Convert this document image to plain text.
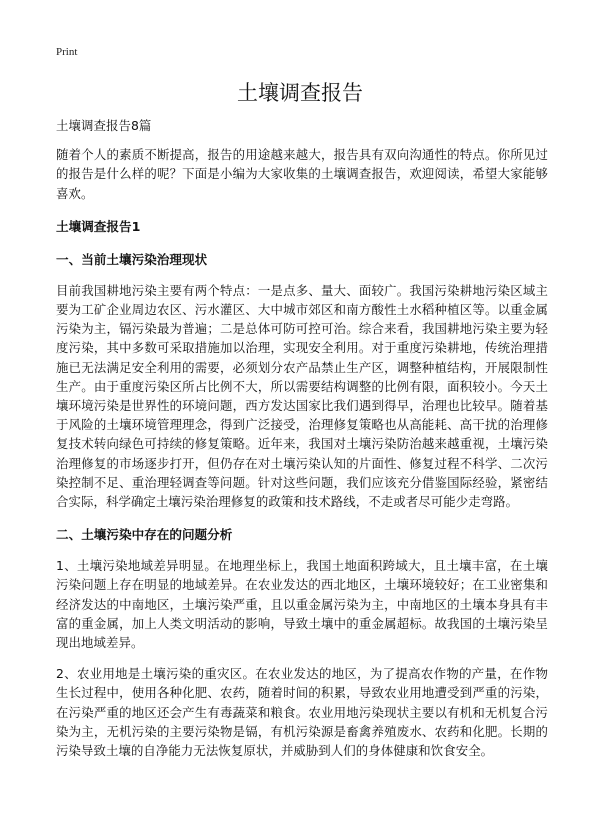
Print
土壤调查报告

土壤调查报告8篇

随着个人的素质不断提高，报告的用途越来越大，报告具有双向沟通性的特点。你所见过的报告是什么样的呢？下面是小编为大家收集的土壤调查报告，欢迎阅读，希望大家能够喜欢。

土壤调查报告1

一、当前土壤污染治理现状

目前我国耕地污染主要有两个特点：一是点多、量大、面较广。我国污染耕地污染区域主要为工矿企业周边农区、污水灌区、大中城市郊区和南方酸性土水稻种植区等。以重金属污染为主，镉污染最为普遍；二是总体可防可控可治。综合来看，我国耕地污染主要为轻度污染，其中多数可采取措施加以治理，实现安全利用。对于重度污染耕地，传统治理措施已无法满足安全利用的需要，必须划分农产品禁止生产区，调整种植结构，开展限制性生产。由于重度污染区所占比例不大，所以需要结构调整的比例有限，面积较小。今天土壤环境污染是世界性的环境问题，西方发达国家比我们遇到得早，治理也比较早。随着基于风险的土壤环境管理理念，得到广泛接受，治理修复策略也从高能耗、高干扰的治理修复技术转向绿色可持续的修复策略。近年来，我国对土壤污染防治越来越重视，土壤污染治理修复的市场逐步打开，但仍存在对土壤污染认知的片面性、修复过程不科学、二次污染控制不足、重治理轻调查等问题。针对这些问题，我们应该充分借鉴国际经验，紧密结合实际，科学确定土壤污染治理修复的政策和技术路线，不走或者尽可能少走弯路。

二、土壤污染中存在的问题分析

1、土壤污染地域差异明显。在地理坐标上，我国土地面积跨域大，且土壤丰富，在土壤污染问题上存在明显的地域差异。在农业发达的西北地区，土壤环境较好；在工业密集和经济发达的中南地区，土壤污染严重，且以重金属污染为主，中南地区的土壤本身具有丰富的重金属，加上人类文明活动的影响，导致土壤中的重金属超标。故我国的土壤污染呈现出地域差异。

2、农业用地是土壤污染的重灾区。在农业发达的地区，为了提高农作物的产量，在作物生长过程中，使用各种化肥、农药，随着时间的积累，导致农业用地遭受到严重的污染，在污染严重的地区还会产生有毒蔬菜和粮食。农业用地污染现状主要以有机和无机复合污染为主，无机污染的主要污染物是镉，有机污染源是畜禽养殖废水、农药和化肥。长期的污染导致土壤的自净能力无法恢复原状，并威胁到人们的身体健康和饮食安全。
